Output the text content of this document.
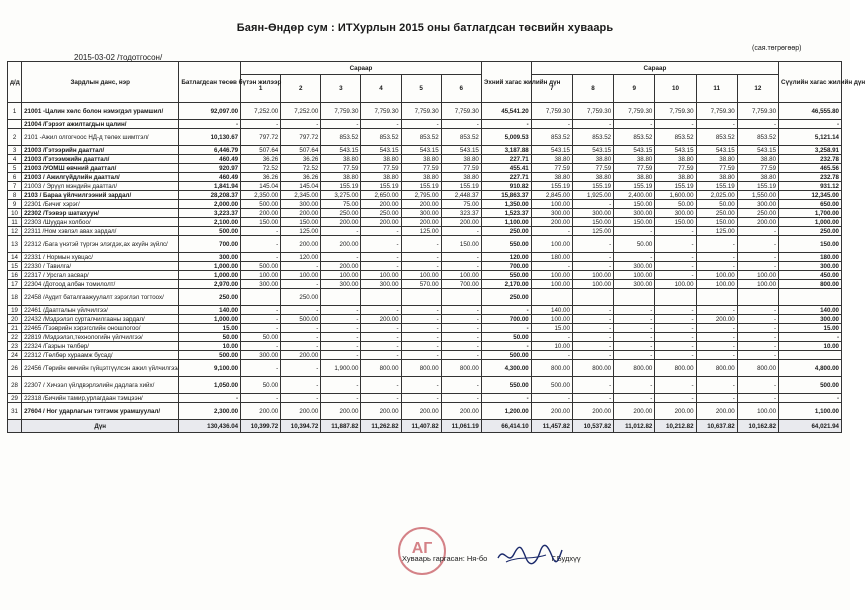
Баян-Өндөр сум : ИТХурлын 2015 оны батлагдсан төсвийн хуваарь
2015-03-02 /тодотгосон/
(сая.төгрөгөөр)
д/д	Зардлын данс, нэр	Батлагдсан төсөв бүтэн жилээр	Сараар						Эхний хагас жилийн дүн	Сараар						Сүүлийн хагас жилийн дүн
			1	2	3	4	5	6		7	8	9	10	11	12	
1	21001 -Цалин хөлс болон нэмэгдэл урамшил/	92,097.00	7,252.00	7,252.00	7,759.30	7,759.30	7,759.30	7,759.30	45,541.20	7,759.30	7,759.30	7,759.30	7,759.30	7,759.30	7,759.30	46,555.80
	21004 /Гэрээт ажилтагдын цалин/	-	-	-	-	-	-	-	-	-	-	-	-	-	-	-
2	2101 -Ажил олгогчоос НД-д төлөх шимтгэл/	10,130.67	797.72	797.72	853.52	853.52	853.52	853.52	5,009.53	853.52	853.52	853.52	853.52	853.52	853.52	5,121.14
3	21003 /Гэтээрийн дааттал/	6,446.79	507.64	507.64	543.15	543.15	543.15	543.15	3,187.88	543.15	543.15	543.15	543.15	543.15	543.15	3,258.91
4	21003 /Гэтээмжийн дааттал/	460.49	36.26	36.26	38.80	38.80	38.80	38.80	227.71	38.80	38.80	38.80	38.80	38.80	38.80	232.78
5	21003 /УОМШ өвчний дааттал/	920.97	72.52	72.52	77.59	77.59	77.59	77.59	455.41	77.59	77.59	77.59	77.59	77.59	77.59	465.56
6	21003 / Ажилгүйдлийн дааттал/	460.49	36.26	36.26	38.80	38.80	38.80	38.80	227.71	38.80	38.80	38.80	38.80	38.80	38.80	232.78
7	21003 / Эрүүл мэндийн дааттал/	1,841.94	145.04	145.04	155.19	155.19	155.19	155.19	910.82	155.19	155.19	155.19	155.19	155.19	155.19	931.12
8	2103 / Бараа үйлчилгээний зардал/	28,208.37	2,350.00	2,345.00	3,275.00	2,650.00	2,795.00	2,448.37	15,863.37	2,845.00	1,925.00	2,400.00	1,600.00	2,025.00	1,550.00	12,345.00
9	22301 /Бичиг хэрэг/	2,000.00	500.00	300.00	75.00	200.00	200.00	75.00	1,350.00	100.00	-	150.00	50.00	50.00	300.00	650.00
10	22302 /Тээвэр шатахуун/	3,223.37	200.00	200.00	250.00	250.00	300.00	323.37	1,523.37	300.00	300.00	300.00	300.00	250.00	250.00	1,700.00
11	22303 /Шуудан холбоо/	2,100.00	150.00	150.00	200.00	200.00	200.00	200.00	1,100.00	200.00	150.00	150.00	150.00	150.00	200.00	1,000.00
12	22311 /Ном хэвлэл авах зардал/	500.00	-	125.00	-	-	125.00	-	250.00	-	125.00	-	-	125.00	-	250.00
13	22312 /Бага үнэтэй түргэн элэгдэх,ах ахуйн зүйлс/	700.00	-	200.00	200.00	-	-	150.00	550.00	100.00	-	50.00	-	-	-	150.00
14	22331 / Нормын хувцас/	300.00	-	120.00	-	-	-	-	120.00	180.00	-	-	-	-	-	180.00
15	22330 / Тавилга/	1,000.00	500.00	-	200.00	-	-	-	700.00	-	-	300.00	-	-	-	300.00
16	22317 / Урсгал засвар/	1,000.00	100.00	100.00	100.00	100.00	100.00	100.00	550.00	100.00	100.00	100.00	-	100.00	100.00	450.00
17	22304 /Дотоод албан томилолт/	2,970.00	300.00	-	300.00	300.00	570.00	700.00	2,170.00	100.00	100.00	300.00	100.00	100.00	100.00	800.00
18	22458 /Аудит баталгаажуулалт зэрэглэл тогтоох/	250.00		250.00					250.00							
19	22461 /Даатгалын үйлчилгээ/	140.00	-	-	-	-	-	-	-	140.00	-	-	-	-	-	140.00
20	22432 /Мэдээлэл сурталчилгааны зардал/	1,000.00	-	500.00	-	200.00	-	-	700.00	100.00	-	-	-	200.00	-	300.00
21	22465 /Тээврийн хэрэгслийн оношлогоо/	15.00	-	-	-	-	-	-	-	15.00	-	-	-	-	-	15.00
22	22819 /Мэдээлэл,технологийн үйлчилгээ/	50.00	50.00	-	-	-	-	-	50.00	-	-	-	-	-	-	-
23	22324 /Газрын төлбөр/	10.00	-	-	-	-	-	-	-	10.00	-	-	-	-	-	10.00
24	22312 /Төлбөр хураамж бусад/	500.00	300.00	200.00	-	-	-	-	500.00	-	-	-	-	-	-	
26	22456 /Төрийн өмчийн гүйцэтгүүлсэн ажил үйлчилгээ/	9,100.00	-	-	1,900.00	800.00	800.00	800.00	4,300.00	800.00	800.00	800.00	800.00	800.00	800.00	4,800.00
28	22307 / Хичээл үйлдвэрлэлийн дадлага хийх/	1,050.00	50.00	-	-	-	-	-	550.00	500.00	-	-	-	-	-	500.00
29	22318 /Бичийн тамир,урлагдаан тэмцээн/	-	-	-	-	-	-	-	-	-	-	-	-	-	-	-
31	27604 / Ног ударлагын тэтгэмж урамшуулал/	2,300.00	200.00	200.00	200.00	200.00	200.00	200.00	1,200.00	200.00	200.00	200.00	200.00	200.00	100.00	1,100.00
	Дүн	130,436.04	10,399.72	10,394.72	11,887.82	11,262.82	11,407.82	11,061.19	66,414.10	11,457.82	10,537.82	11,012.82	10,212.82	10,637.82	10,162.82	64,021.94
АГ
Хуваарь гаргасан: Ня-бо	Г.Будхүү
